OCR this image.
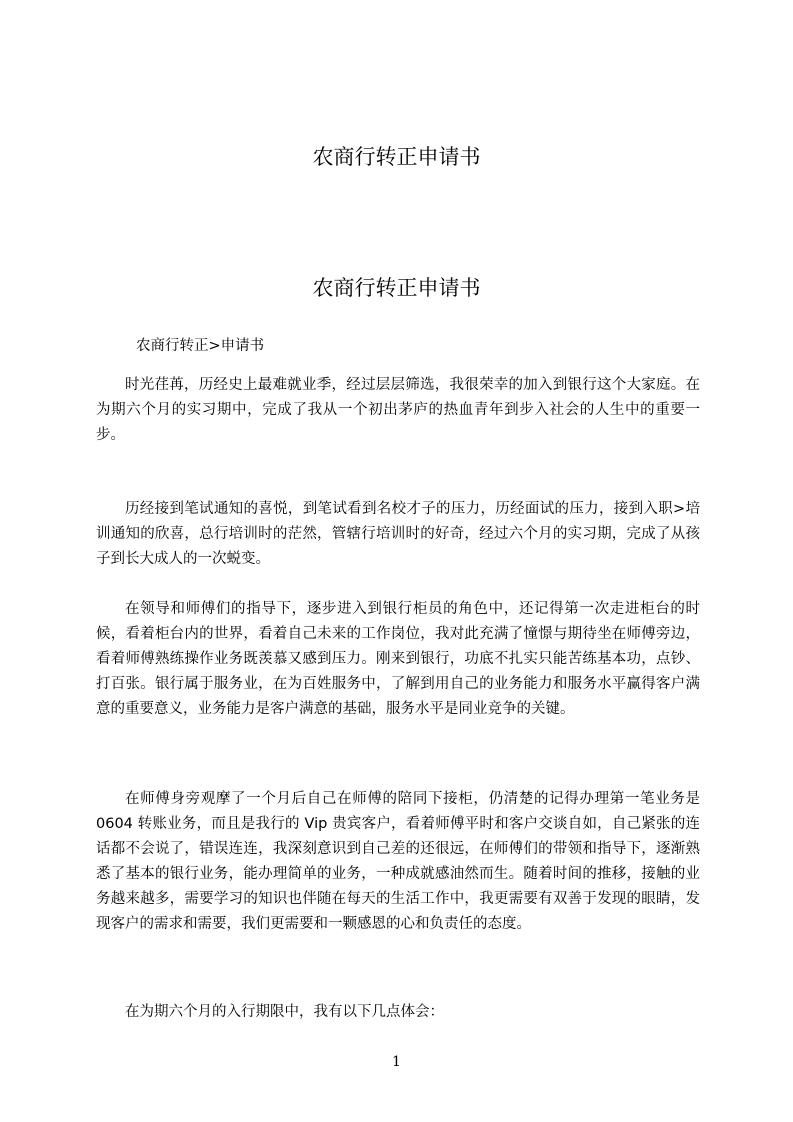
农商行转正申请书
农商行转正申请书

农商行转正>申请书

时光荏苒，历经史上最难就业季，经过层层筛选，我很荣幸的加入到银行这个大家庭。在为期六个月的实习期中，完成了我从一个初出茅庐的热血青年到步入社会的人生中的重要一步。

历经接到笔试通知的喜悦，到笔试看到名校才子的压力，历经面试的压力，接到入职>培训通知的欣喜，总行培训时的茫然，管辖行培训时的好奇，经过六个月的实习期，完成了从孩子到长大成人的一次蜕变。

在领导和师傅们的指导下，逐步进入到银行柜员的角色中，还记得第一次走进柜台的时候，看着柜台内的世界，看着自己未来的工作岗位，我对此充满了憧憬与期待坐在师傅旁边，看着师傅熟练操作业务既羡慕又感到压力。刚来到银行，功底不扎实只能苦练基本功，点钞、打百张。银行属于服务业，在为百姓服务中，了解到用自己的业务能力和服务水平赢得客户满意的重要意义，业务能力是客户满意的基础，服务水平是同业竞争的关键。

在师傅身旁观摩了一个月后自己在师傅的陪同下接柜，仍清楚的记得办理第一笔业务是 0604 转账业务，而且是我行的 Vip 贵宾客户，看着师傅平时和客户交谈自如，自己紧张的连话都不会说了，错误连连，我深刻意识到自己差的还很远，在师傅们的带领和指导下，逐渐熟悉了基本的银行业务，能办理简单的业务，一种成就感油然而生。随着时间的推移，接触的业务越来越多，需要学习的知识也伴随在每天的生活工作中，我更需要有双善于发现的眼睛，发现客户的需求和需要，我们更需要和一颗感恩的心和负责任的态度。

在为期六个月的入行期限中，我有以下几点体会：

1
